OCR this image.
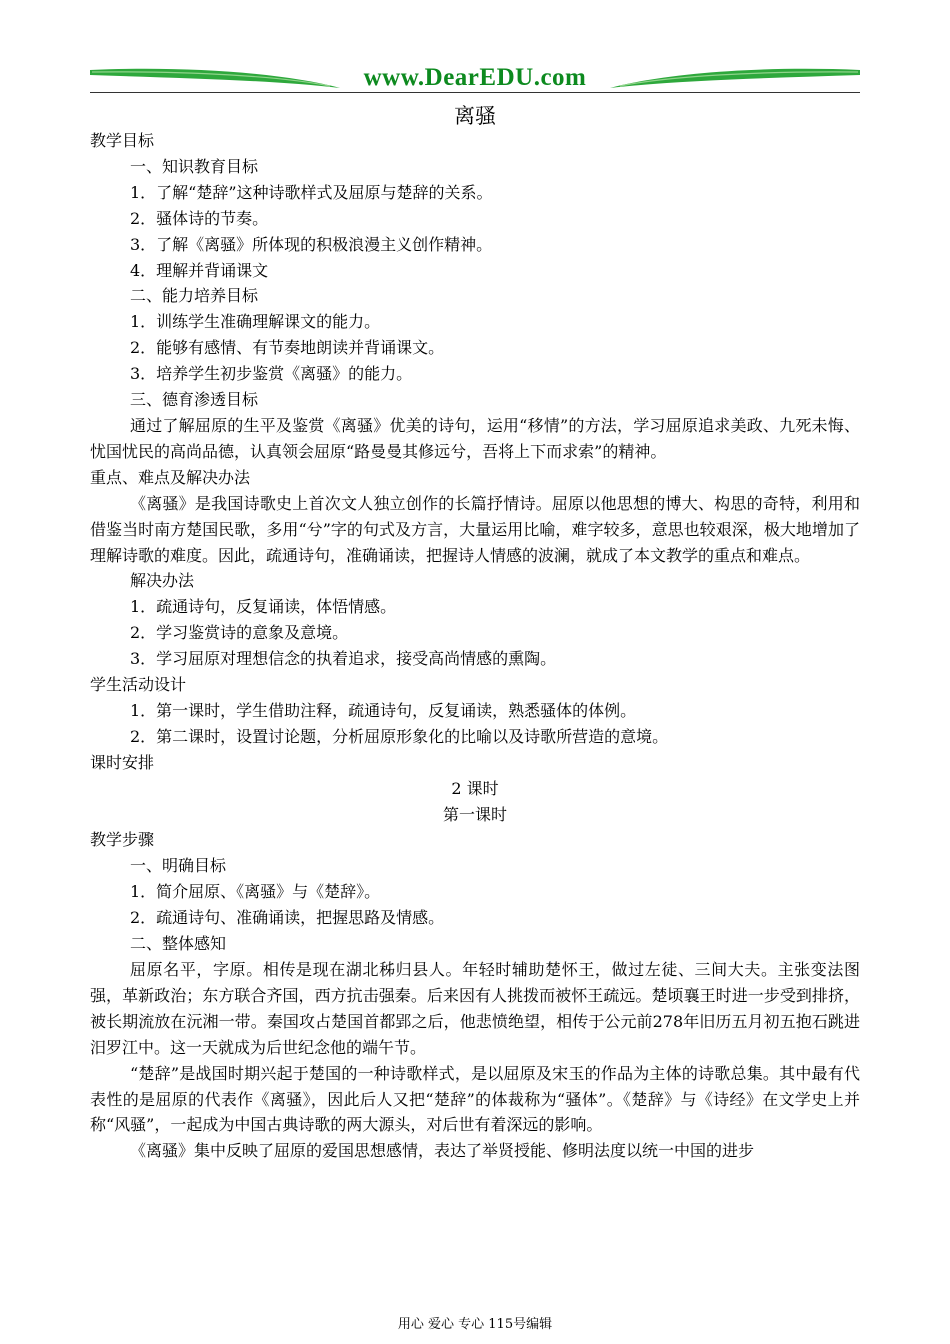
www.DearEDU.com
离骚

教学目标

一、知识教育目标

1．了解“楚辞”这种诗歌样式及屈原与楚辞的关系。

2．骚体诗的节奏。

3．了解《离骚》所体现的积极浪漫主义创作精神。

4．理解并背诵课文

二、能力培养目标

1．训练学生准确理解课文的能力。

2．能够有感情、有节奏地朗读并背诵课文。

3．培养学生初步鉴赏《离骚》的能力。

三、德育渗透目标

通过了解屈原的生平及鉴赏《离骚》优美的诗句，运用“移情”的方法，学习屈原追求美政、九死未悔、忧国忧民的高尚品德，认真领会屈原“路曼曼其修远兮，吾将上下而求索”的精神。

重点、难点及解决办法

《离骚》是我国诗歌史上首次文人独立创作的长篇抒情诗。屈原以他思想的博大、构思的奇特，利用和借鉴当时南方楚国民歌，多用“兮”字的句式及方言，大量运用比喻，难字较多，意思也较艰深，极大地增加了理解诗歌的难度。因此，疏通诗句，准确诵读，把握诗人情感的波澜，就成了本文教学的重点和难点。

解决办法

1．疏通诗句，反复诵读，体悟情感。

2．学习鉴赏诗的意象及意境。

3．学习屈原对理想信念的执着追求，接受高尚情感的熏陶。

学生活动设计

1．第一课时，学生借助注释，疏通诗句，反复诵读，熟悉骚体的体例。

2．第二课时，设置讨论题，分析屈原形象化的比喻以及诗歌所营造的意境。

课时安排

2 课时

第一课时

教学步骤

一、明确目标

1．简介屈原、《离骚》与《楚辞》。

2．疏通诗句、准确诵读，把握思路及情感。

二、整体感知

屈原名平，字原。相传是现在湖北秭归县人。年轻时辅助楚怀王，做过左徒、三间大夫。主张变法图强，革新政治；东方联合齐国，西方抗击强秦。后来因有人挑拨而被怀王疏远。楚顷襄王时进一步受到排挤，被长期流放在沅湘一带。秦国攻占楚国首都郢之后，他悲愤绝望，相传于公元前278年旧历五月初五抱石跳进汨罗江中。这一天就成为后世纪念他的端午节。

“楚辞”是战国时期兴起于楚国的一种诗歌样式，是以屈原及宋玉的作品为主体的诗歌总集。其中最有代表性的是屈原的代表作《离骚》，因此后人又把“楚辞”的体裁称为“骚体”。《楚辞》与《诗经》在文学史上并称“风骚”，一起成为中国古典诗歌的两大源头，对后世有着深远的影响。

《离骚》集中反映了屈原的爱国思想感情，表达了举贤授能、修明法度以统一中国的进步

用心 爱心 专心 115号编辑
